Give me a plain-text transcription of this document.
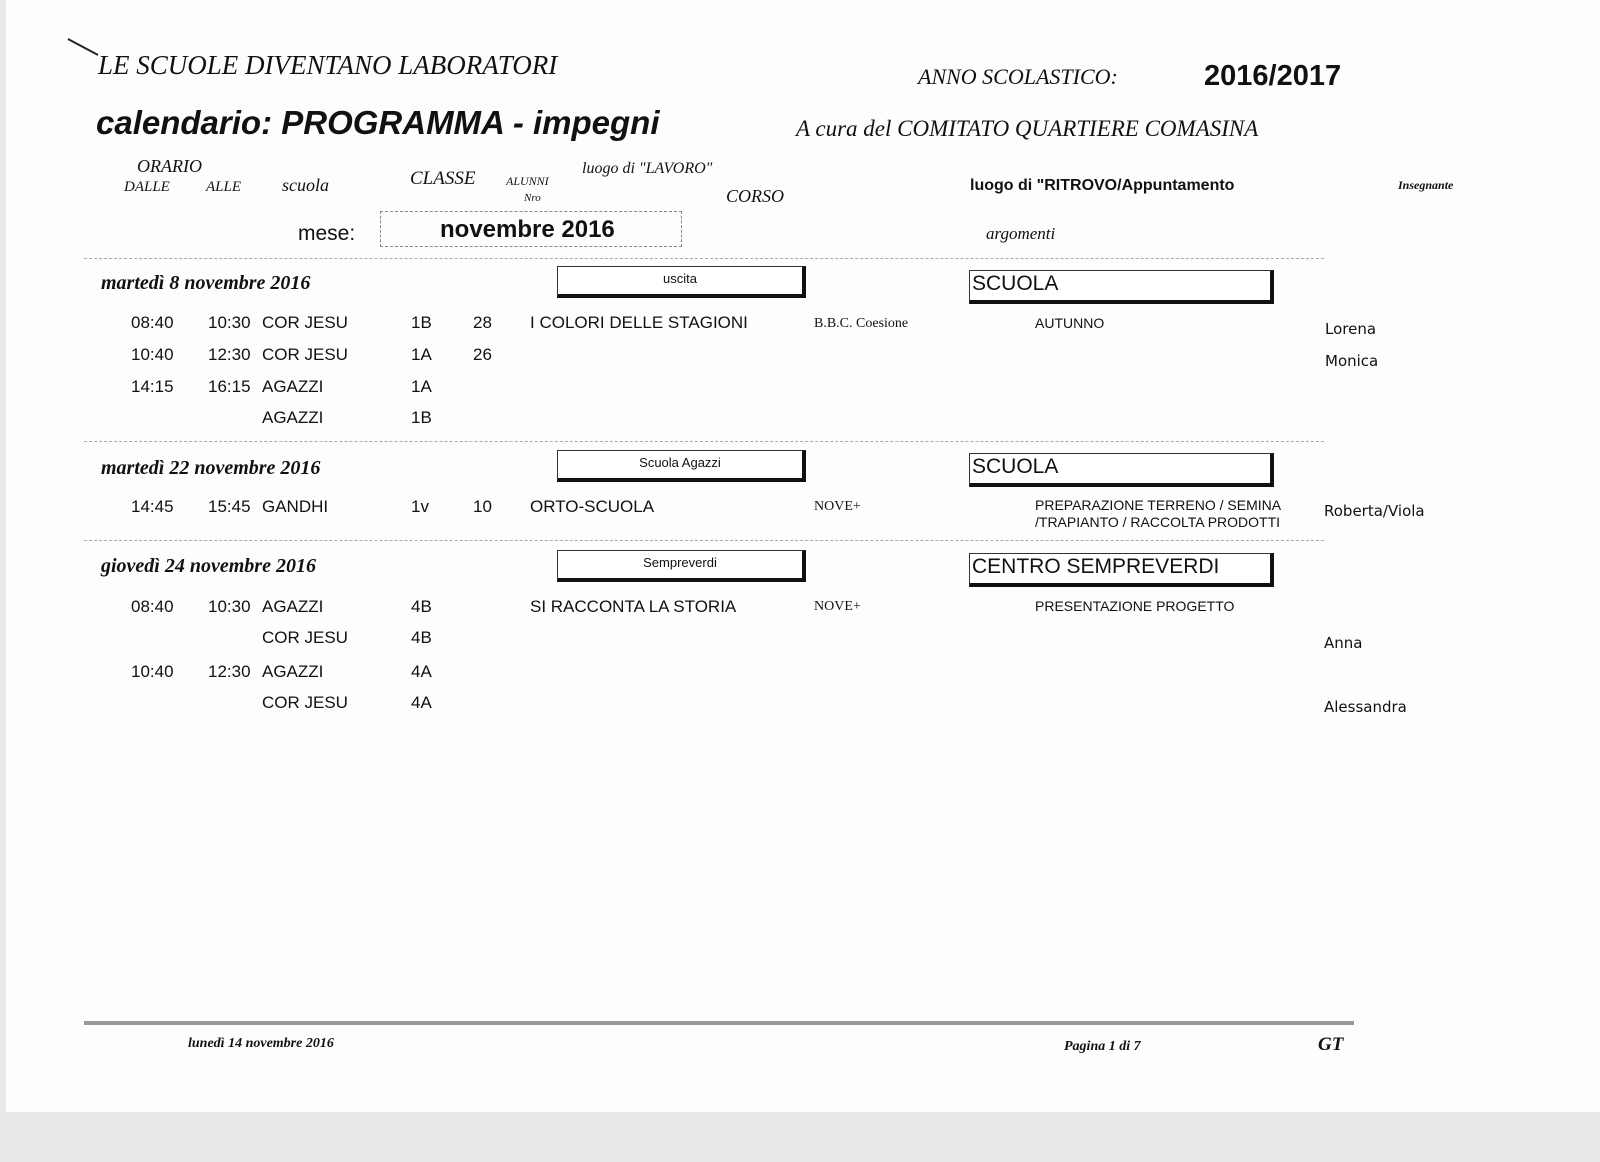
LE SCUOLE DIVENTANO LABORATORI	ANNO SCOLASTICO:	2016/2017
calendario: PROGRAMMA - impegni	A cura del COMITATO QUARTIERE COMASINA
ORARIO
DALLE ALLE scuola	CLASSE	ALUNNI
Nro
luogo di "LAVORO"
CORSO
luogo di "RITROVO/Appuntamento
argomenti
Insegnante
mese:	novembre 2016
martedì 8 novembre 2016	uscita	SCUOLA
08:40 10:30 COR JESU	1B 28 I COLORI DELLE STAGIONI	B.B.C. Coesione	AUTUNNO	Lorena
10:40 12:30 COR JESU	1A 26	Monica
14:15 16:15 AGAZZI	1A
AGAZZI	1B
martedì 22 novembre 2016	Scuola Agazzi	SCUOLA
14:45 15:45 GANDHI	1v	10 ORTO-SCUOLA	NOVE+	PREPARAZIONE TERRENO / SEMINA
/TRAPIANTO / RACCOLTA PRODOTTI
Roberta/Viola
giovedì 24 novembre 2016	Sempreverdi	CENTRO SEMPREVERDI
08:40 10:30 AGAZZI	4B	SI RACCONTA LA STORIA	NOVE+	PRESENTAZIONE PROGETTO
COR JESU	4B	Anna
10:40 12:30 AGAZZI	4A
COR JESU	4A	Alessandra
lunedì 14 novembre 2016	Pagina 1 di 7	GT
